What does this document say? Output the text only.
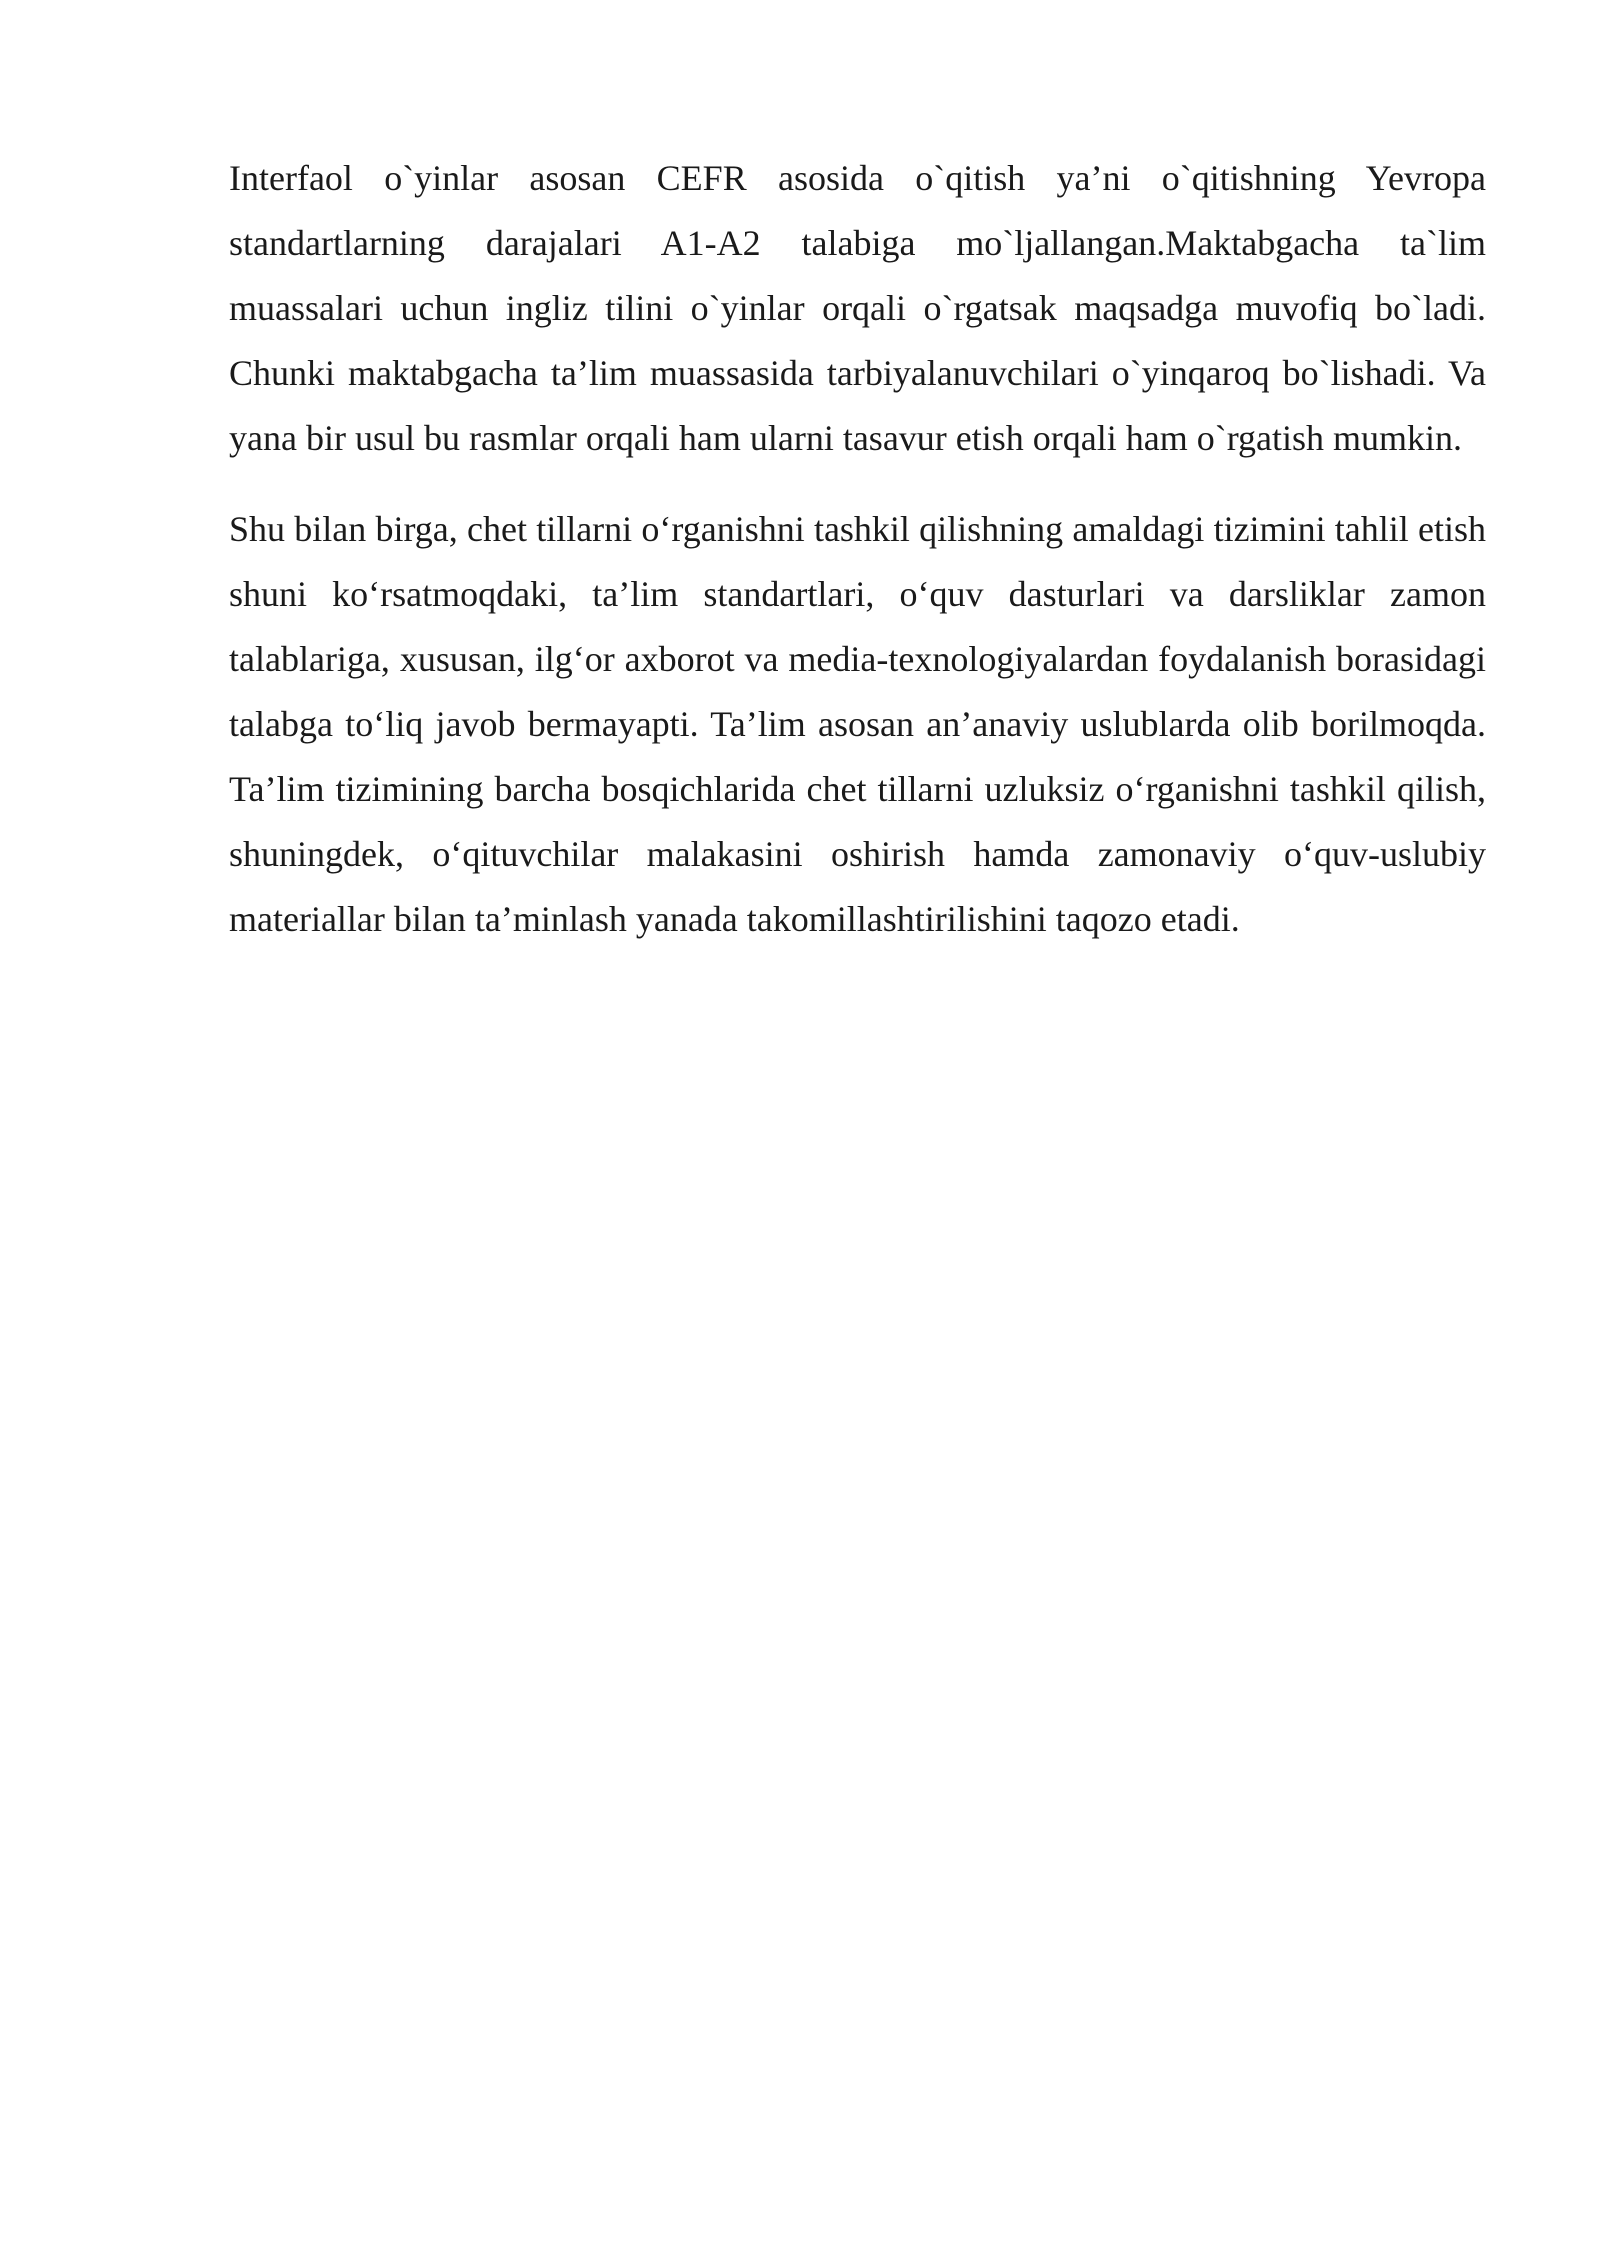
Interfaol o`yinlar asosan CEFR asosida o`qitish ya’ni o`qitishning Yevropa standartlarning darajalari A1-A2 talabiga mo`ljallangan.Maktabgacha ta`lim muassalari uchun ingliz tilini o`yinlar orqali o`rgatsak maqsadga muvofiq bo`ladi. Chunki maktabgacha ta’lim muassasida tarbiyalanuvchilari o`yinqaroq bo`lishadi. Va yana bir usul bu rasmlar orqali ham ularni tasavur etish orqali ham o`rgatish mumkin.

Shu bilan birga, chet tillarni o‘rganishni tashkil qilishning amaldagi tizimini tahlil etish shuni ko‘rsatmoqdaki, ta’lim standartlari, o‘quv dasturlari va darsliklar zamon talablariga, xususan, ilg‘or axborot va media-texnologiyalardan foydalanish borasidagi talabga to‘liq javob bermayapti. Ta’lim asosan an’anaviy uslublarda olib borilmoqda. Ta’lim tizimining barcha bosqichlarida chet tillarni uzluksiz o‘rganishni tashkil qilish, shuningdek, o‘qituvchilar malakasini oshirish hamda zamonaviy o‘quv-uslubiy materiallar bilan ta’minlash yanada takomillashtirilishini taqozo etadi.
